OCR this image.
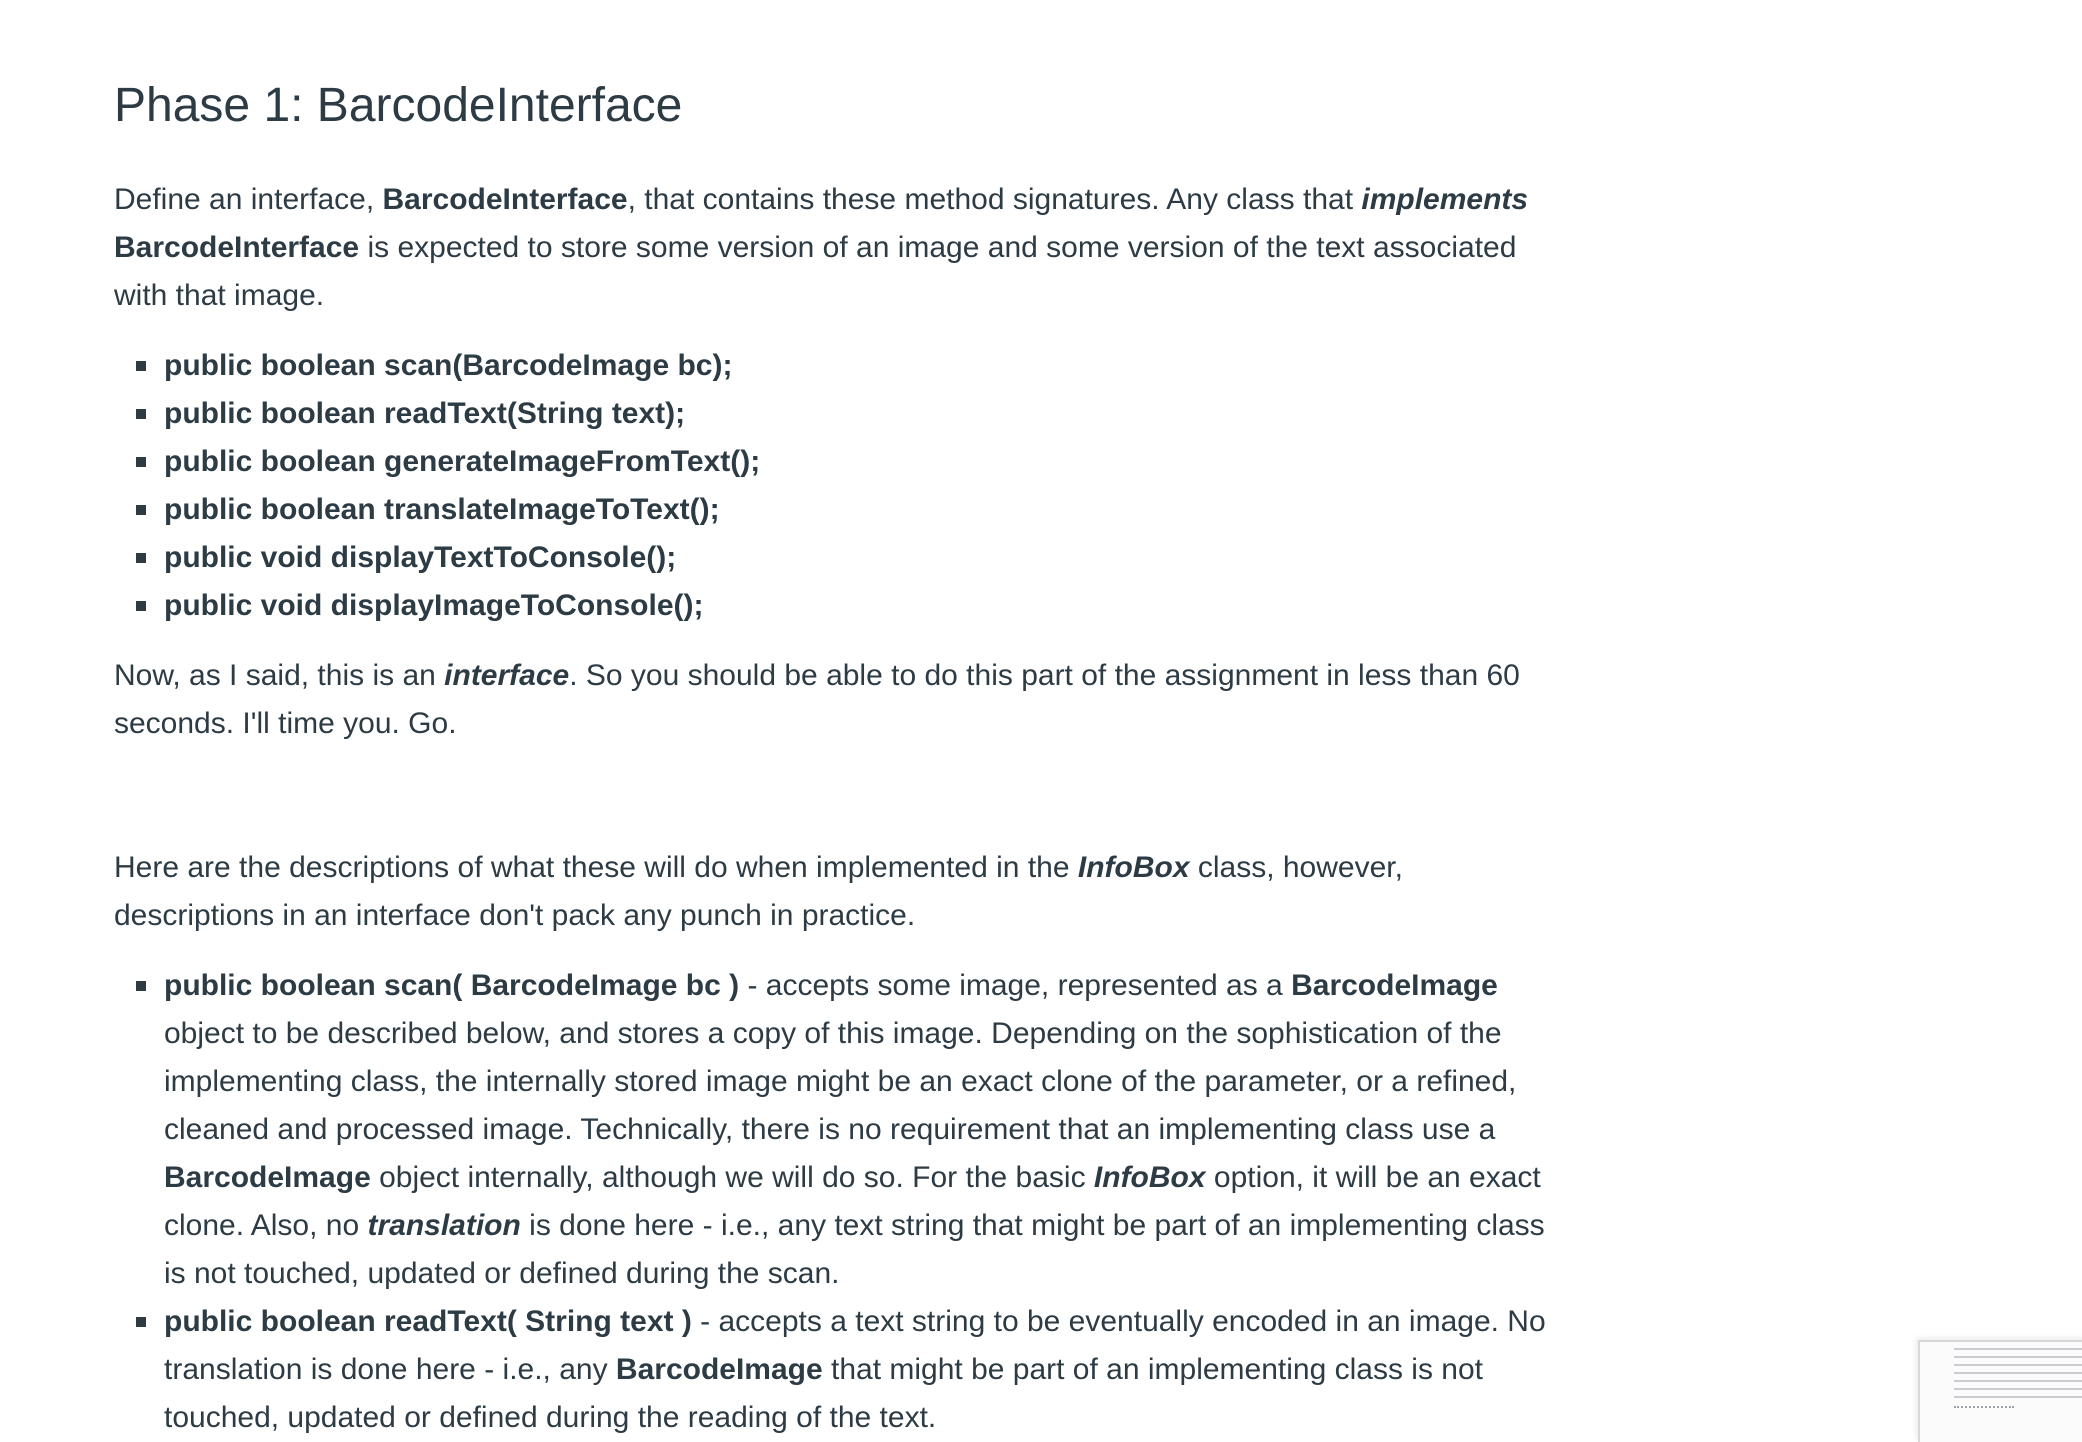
Phase 1: BarcodeInterface

Define an interface, BarcodeInterface, that contains these method signatures. Any class that implements BarcodeInterface is expected to store some version of an image and some version of the text associated with that image.

public boolean scan(BarcodeImage bc);
public boolean readText(String text);
public boolean generateImageFromText();
public boolean translateImageToText();
public void displayTextToConsole();
public void displayImageToConsole();

Now, as I said, this is an interface. So you should be able to do this part of the assignment in less than 60 seconds. I'll time you. Go.

Here are the descriptions of what these will do when implemented in the InfoBox class, however, descriptions in an interface don't pack any punch in practice.

public boolean scan( BarcodeImage bc ) - accepts some image, represented as a BarcodeImage object to be described below, and stores a copy of this image. Depending on the sophistication of the implementing class, the internally stored image might be an exact clone of the parameter, or a refined, cleaned and processed image. Technically, there is no requirement that an implementing class use a BarcodeImage object internally, although we will do so. For the basic InfoBox option, it will be an exact clone. Also, no translation is done here - i.e., any text string that might be part of an implementing class is not touched, updated or defined during the scan.
public boolean readText( String text ) - accepts a text string to be eventually encoded in an image. No translation is done here - i.e., any BarcodeImage that might be part of an implementing class is not touched, updated or defined during the reading of the text.
